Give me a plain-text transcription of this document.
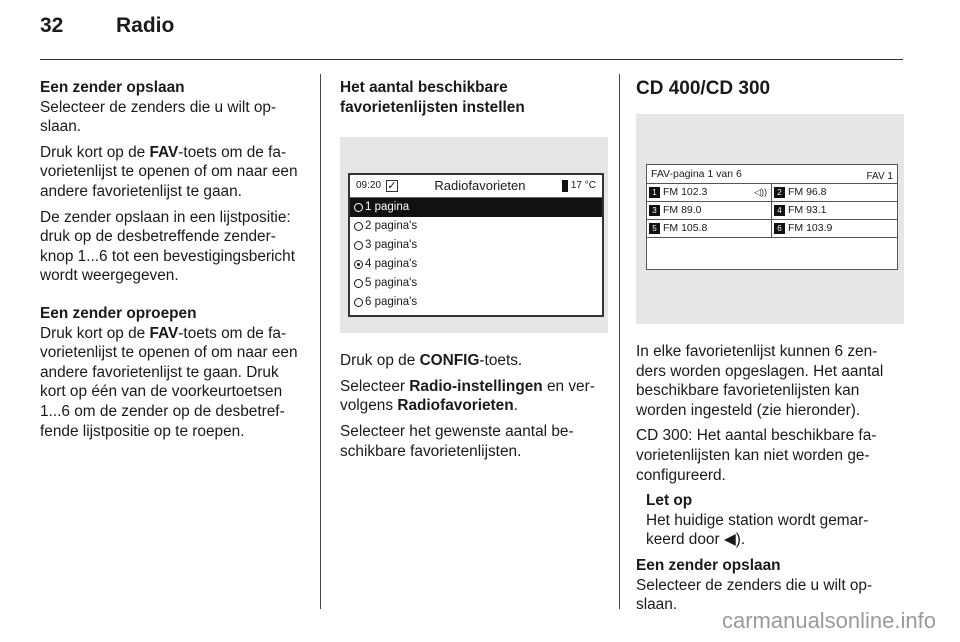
32	Radio
Een zender opslaan

Selecteer de zenders die u wilt op-slaan.

Druk kort op de FAV-toets om de fa-vorietenlijst te openen of om naar een andere favorietenlijst te gaan.

De zender opslaan in een lijstpositie: druk op de desbetreffende zender-knop 1...6 tot een bevestigingsbericht wordt weergegeven.

Een zender oproepen

Druk kort op de FAV-toets om de fa-vorietenlijst te openen of om naar een andere favorietenlijst te gaan. Druk kort op één van de voorkeurtoetsen 1...6 om de zender op de desbetref-fende lijstpositie op te roepen.

Het aantal beschikbare favorietenlijsten instellen
09:20 ✓	Radiofavorieten	17 °C
1 pagina
2 pagina's
3 pagina's
4 pagina's
5 pagina's
6 pagina's

Druk op de CONFIG-toets.

Selecteer Radio-instellingen en ver-volgens Radiofavorieten.

Selecteer het gewenste aantal be-schikbare favorietenlijsten.

CD 400/CD 300
FAV-pagina 1 van 6	FAV 1
1 FM 102.3	◁))	2 FM 96.8
3 FM 89.0	4 FM 93.1
5 FM 105.8	6 FM 103.9

In elke favorietenlijst kunnen 6 zen-ders worden opgeslagen. Het aantal beschikbare favorietenlijsten kan worden ingesteld (zie hieronder).

CD 300: Het aantal beschikbare fa-vorietenlijsten kan niet worden ge-configureerd.

Let op
Het huidige station wordt gemar-keerd door ◀).
Een zender opslaan

Selecteer de zenders die u wilt op-slaan.

carmanualsonline.info
